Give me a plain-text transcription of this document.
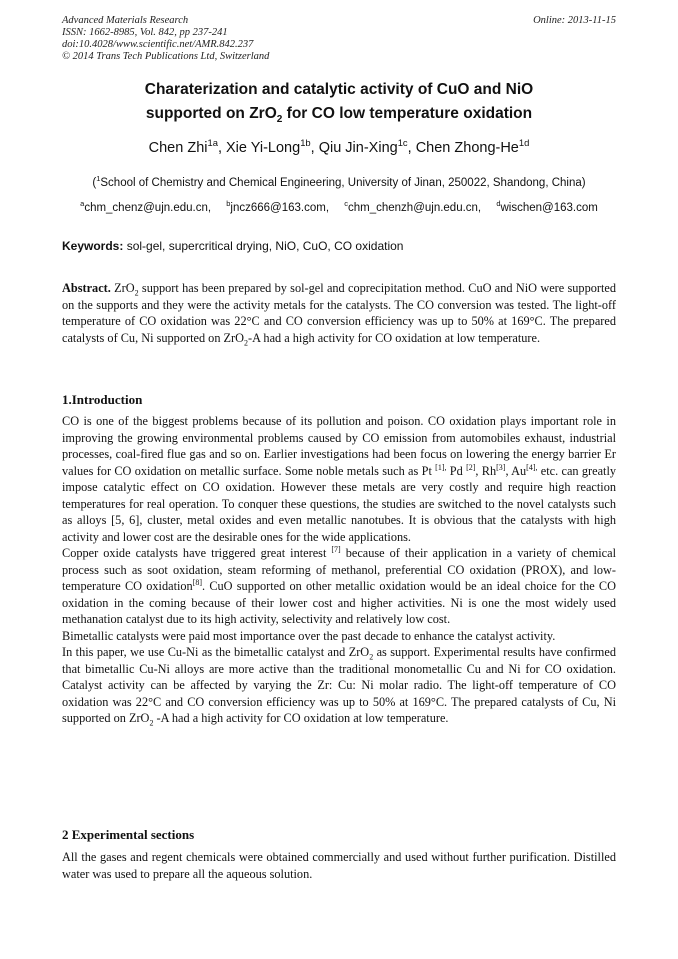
Advanced Materials Research
ISSN: 1662-8985, Vol. 842, pp 237-241
doi:10.4028/www.scientific.net/AMR.842.237
© 2014 Trans Tech Publications Ltd, Switzerland
Online: 2013-11-15
Charaterization and catalytic activity of CuO and NiO
supported on ZrO$_2$ for CO low temperature oxidation
Chen Zhi$^{1a}$, Xie Yi-Long$^{1b}$, Qiu Jin-Xing$^{1c}$, Chen Zhong-$He^{1d}$
($^1$School of Chemistry and Chemical Engineering, University of Jinan, 250022, Shandong, China)
$^a$chm_chenz@ujn.edu.cn, $^b$jncz666@163.com, $^c$chm_chenzh@ujn.edu.cn, $^d$wischen@163.com
Keywords: sol-gel, supercritical drying, NiO, CuO, CO oxidation

Abstract. ZrO$_2$ support has been prepared by sol-gel and coprecipitation method. CuO and NiO were supported on the supports and they were the activity metals for the catalysts. The CO conversion was tested. The light-off temperature of CO oxidation was 22°C and CO conversion efficiency was up to 50% at 169°C. The prepared catalysts of Cu, Ni supported on ZrO$_2$-A had a high activity for CO oxidation at low temperature.

1.Introduction

CO is one of the biggest problems because of its pollution and poison. CO oxidation plays important role in improving the growing environmental problems caused by CO emission from automobiles exhaust, industrial processes, coal-fired flue gas and so on. Earlier investigations had been focus on lowering the energy barrier Er values for CO oxidation on metallic surface. Some noble metals such as Pt $^{[1],}$ Pd [2], Rh[3], $Au^{[4],}$ etc. can greatly impose catalytic effect on CO oxidation. However these metals are very costly and require high reaction temperatures for real operation. To conquer these questions, the studies are switched to the novel catalysts such as alloys [5, 6], cluster, metal oxides and even metallic nanotubes. It is obvious that the catalysts with high activity and lower cost are the desirable ones for the wide applications.

Copper oxide catalysts have triggered great interest [7] because of their application in a variety of chemical process such as soot oxidation, steam reforming of methanol, preferential CO oxidation (PROX), and low-temperature CO oxidation[8]. CuO supported on other metallic oxidation would be an ideal choice for the CO oxidation in the coming because of their lower cost and higher activities. Ni is one the most widely used methanation catalyst due to its high activity, selectivity and relatively low cost.

Bimetallic catalysts were paid most importance over the past decade to enhance the catalyst activity.

In this paper, we use Cu-Ni as the bimetallic catalyst and ZrO$_2$ as support. Experimental results have confirmed that bimetallic Cu-Ni alloys are more active than the traditional monometallic Cu and Ni for CO oxidation. Catalyst activity can be affected by varying the Zr: Cu: Ni molar radio. The light-off temperature of CO oxidation was 22°C and CO conversion efficiency was up to 50% at 169°C. The prepared catalysts of Cu, Ni supported on ZrO$_2$ -A had a high activity for CO oxidation at low temperature.

2 Experimental sections

All the gases and regent chemicals were obtained commercially and used without further purification. Distilled water was used to prepare all the aqueous solution.
